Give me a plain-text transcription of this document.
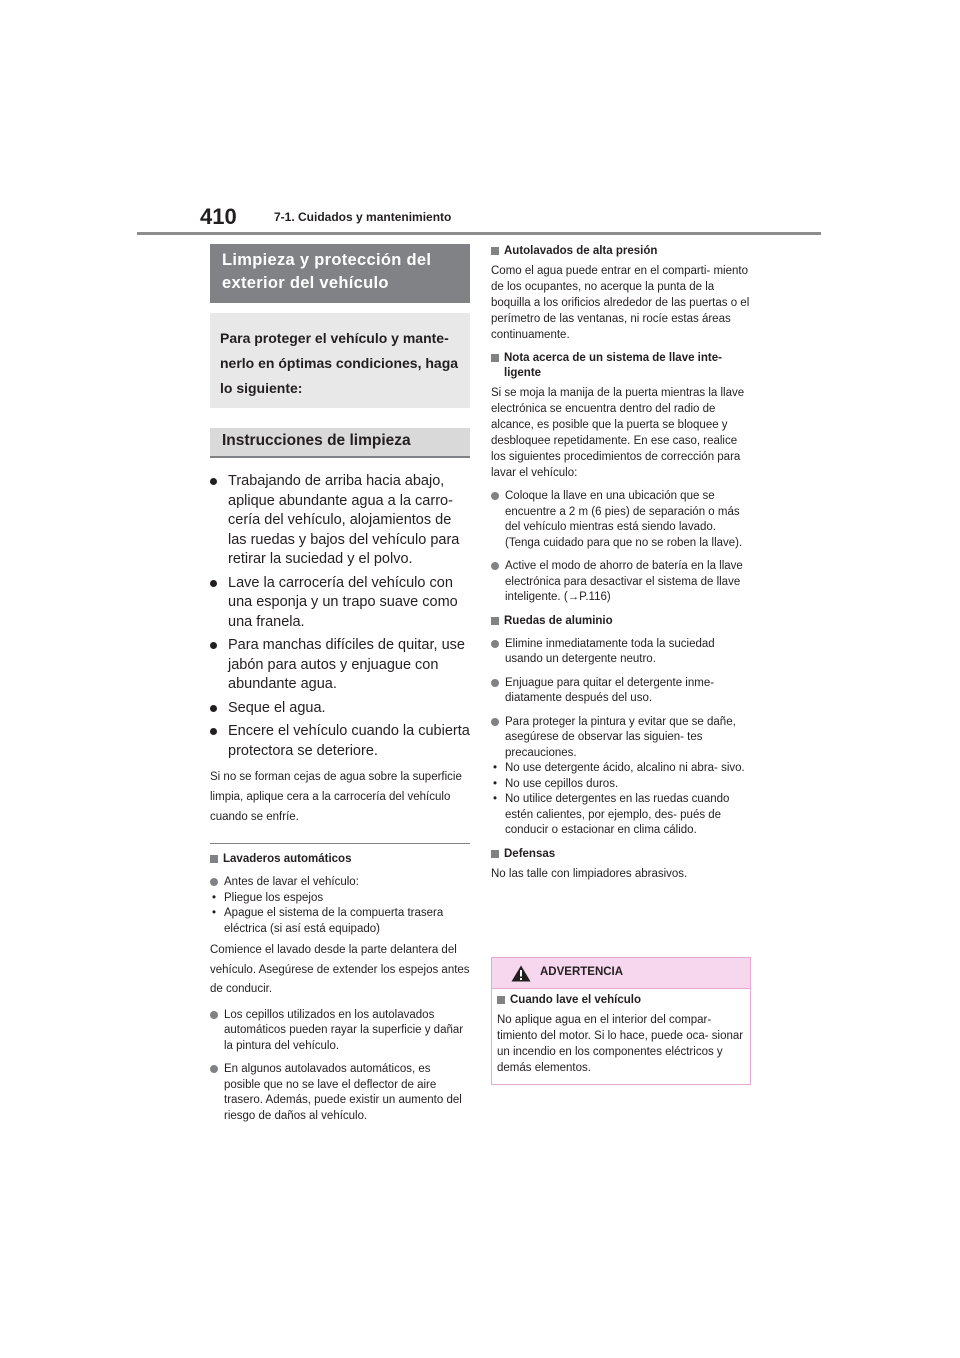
410	7-1. Cuidados y mantenimiento
Limpieza y protección del exterior del vehículo
Para proteger el vehículo y mante- nerlo en óptimas condiciones, haga lo siguiente:
Instrucciones de limpieza
Trabajando de arriba hacia abajo, aplique abundante agua a la carro- cería del vehículo, alojamientos de las ruedas y bajos del vehículo para retirar la suciedad y el polvo.
Lave la carrocería del vehículo con una esponja y un trapo suave como una franela.
Para manchas difíciles de quitar, use jabón para autos y enjuague con abundante agua.
Seque el agua.
Encere el vehículo cuando la cubierta protectora se deteriore.
Si no se forman cejas de agua sobre la superficie limpia, aplique cera a la carrocería del vehículo cuando se enfríe.
Lavaderos automáticos
Antes de lavar el vehículo:
• Pliegue los espejos
• Apague el sistema de la compuerta trasera eléctrica (si así está equipado)
Comience el lavado desde la parte delantera del vehículo. Asegúrese de extender los espejos antes de conducir.
Los cepillos utilizados en los autolavados automáticos pueden rayar la superficie y dañar la pintura del vehículo.
En algunos autolavados automáticos, es posible que no se lave el deflector de aire trasero. Además, puede existir un aumento del riesgo de daños al vehículo.
Autolavados de alta presión
Como el agua puede entrar en el comparti- miento de los ocupantes, no acerque la punta de la boquilla a los orificios alrededor de las puertas o el perímetro de las ventanas, ni rocíe estas áreas continuamente.
Nota acerca de un sistema de llave inte- ligente
Si se moja la manija de la puerta mientras la llave electrónica se encuentra dentro del radio de alcance, es posible que la puerta se bloquee y desbloquee repetidamente. En ese caso, realice los siguientes procedimientos de corrección para lavar el vehículo:
Coloque la llave en una ubicación que se encuentre a 2 m (6 pies) de separación o más del vehículo mientras está siendo lavado. (Tenga cuidado para que no se roben la llave).
Active el modo de ahorro de batería en la llave electrónica para desactivar el sistema de llave inteligente. (→P.116)
Ruedas de aluminio
Elimine inmediatamente toda la suciedad usando un detergente neutro.
Enjuague para quitar el detergente inme- diatamente después del uso.
Para proteger la pintura y evitar que se dañe, asegúrese de observar las siguien- tes precauciones.
• No use detergente ácido, alcalino ni abra- sivo.
• No use cepillos duros.
• No utilice detergentes en las ruedas cuando estén calientes, por ejemplo, des- pués de conducir o estacionar en clima cálido.
Defensas
No las talle con limpiadores abrasivos.
ADVERTENCIA
Cuando lave el vehículo
No aplique agua en el interior del compar- timiento del motor. Si lo hace, puede oca- sionar un incendio en los componentes eléctricos y demás elementos.
